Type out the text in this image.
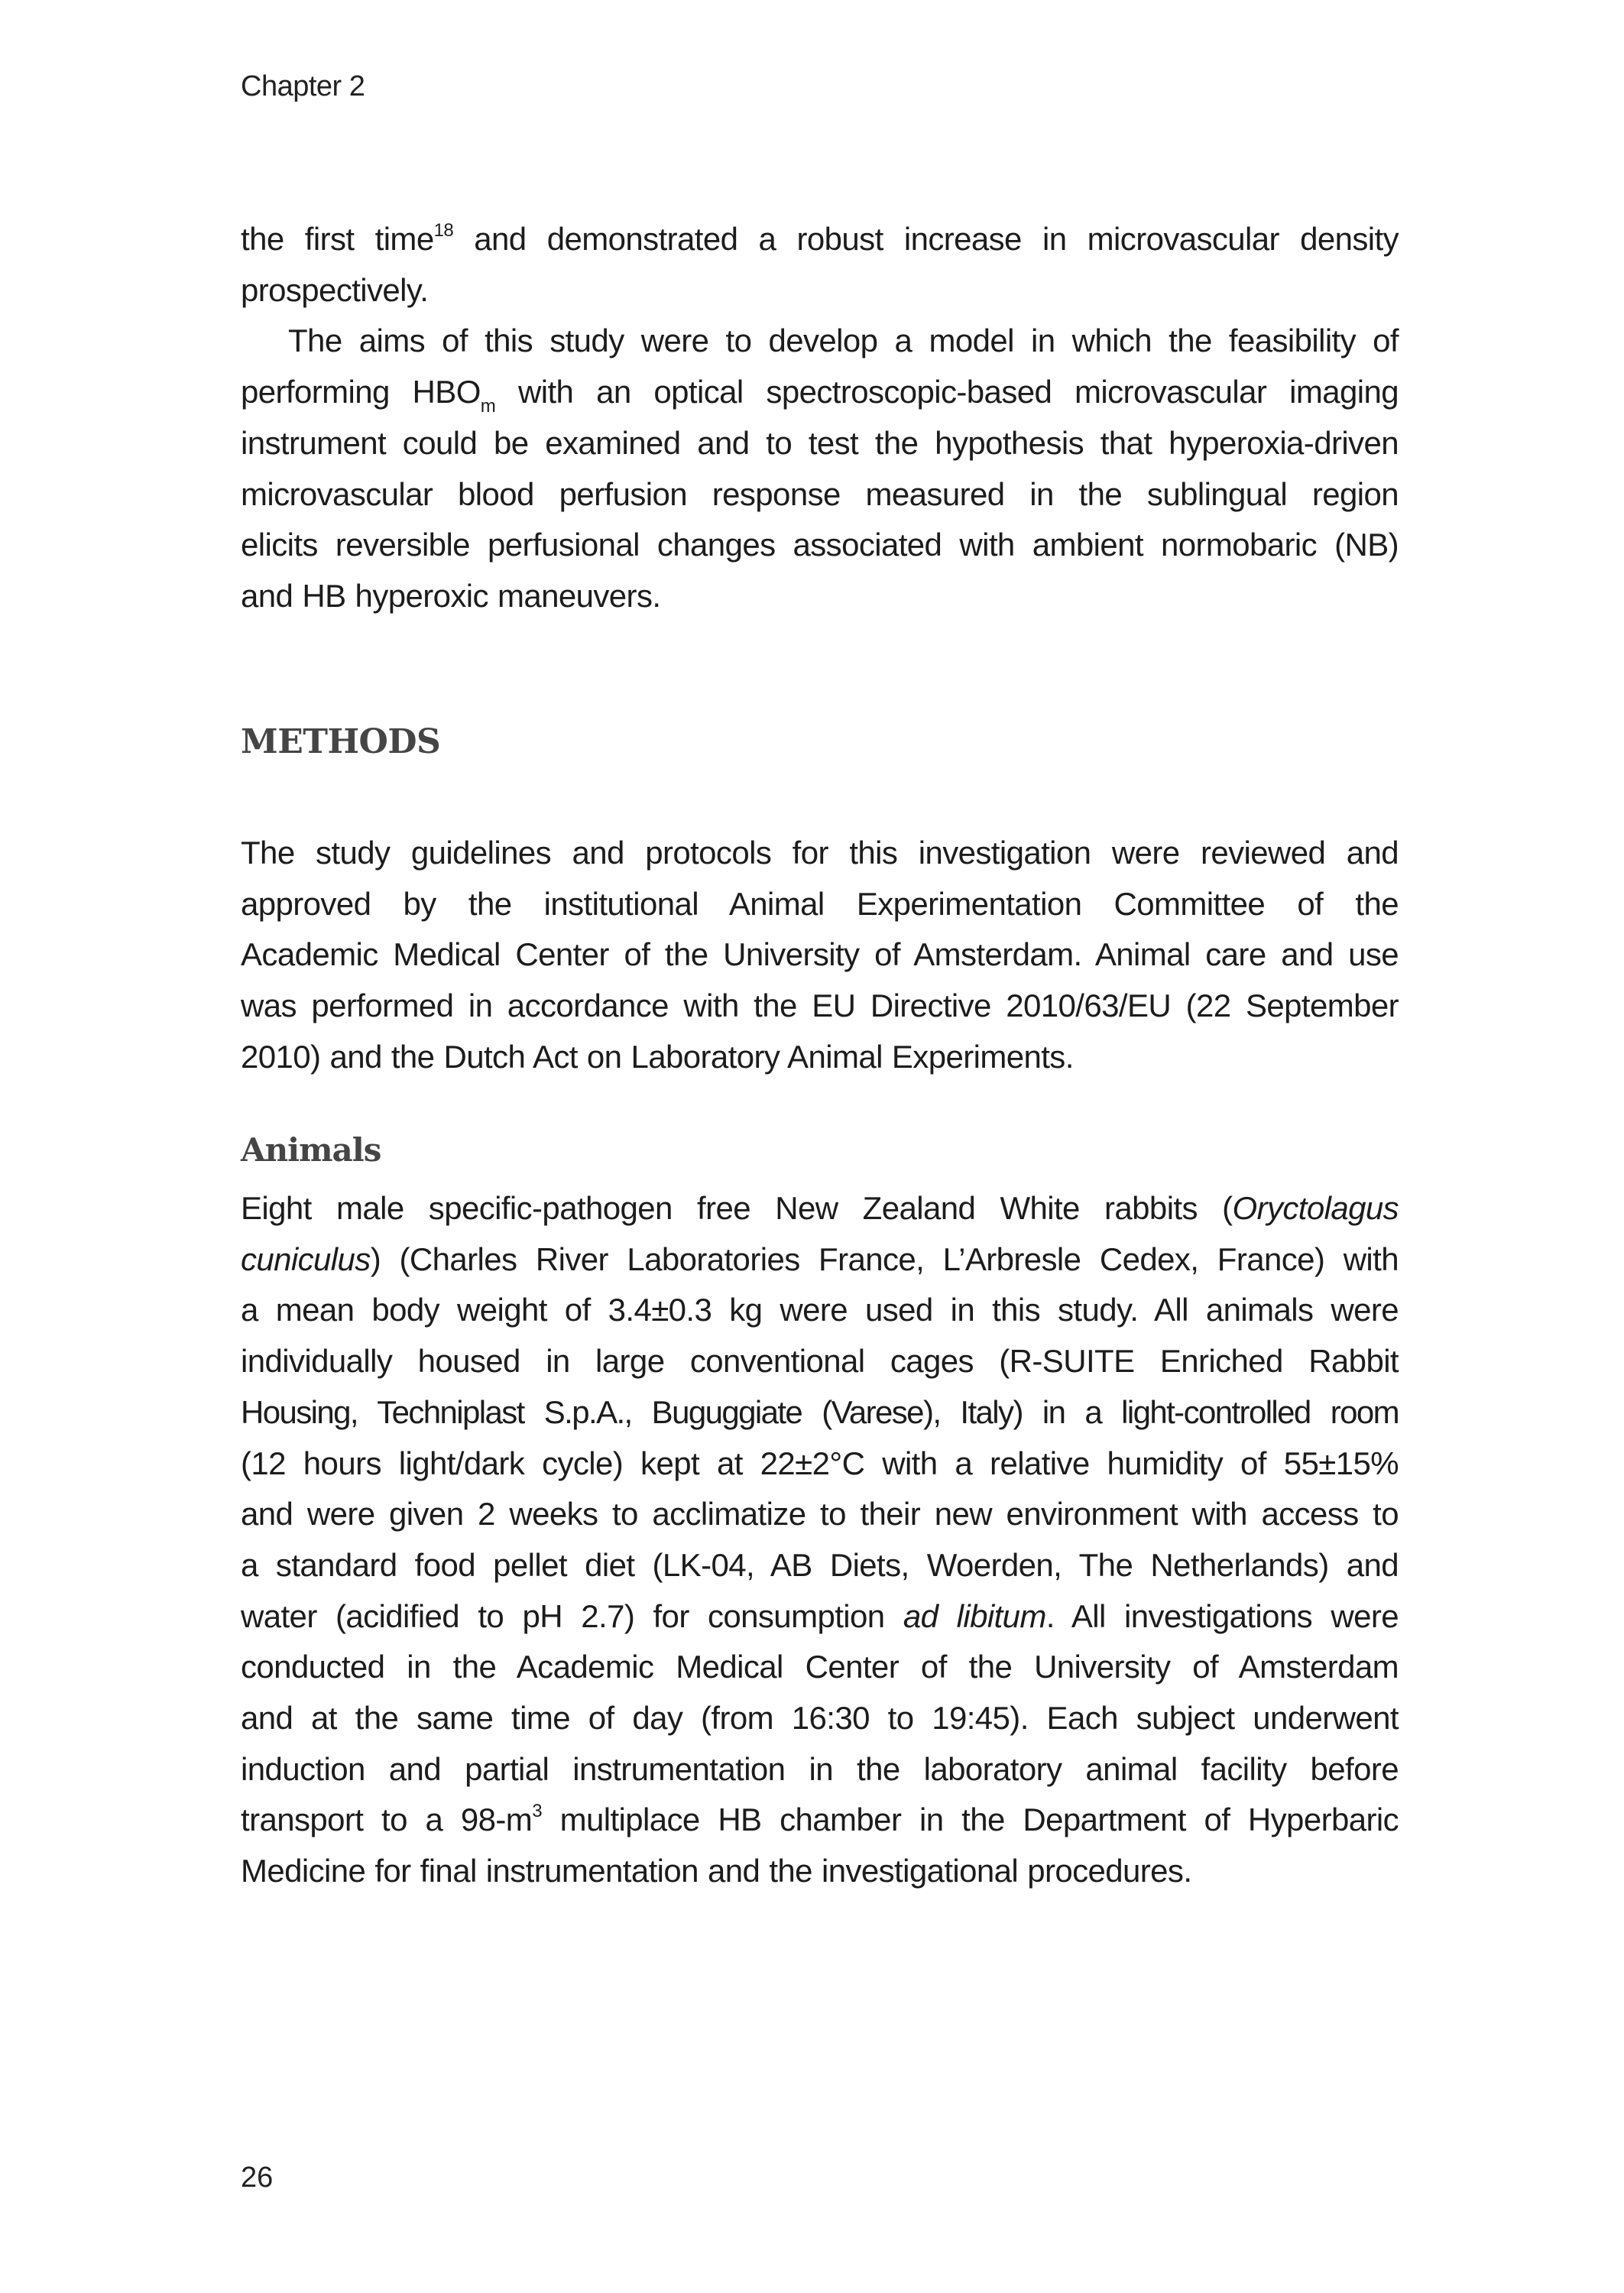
Chapter 2
the first time$^{18}$ and demonstrated a robust increase in microvascular density
prospectively.
The aims of this study were to develop a model in which the feasibility of
performing $HBO_m$ with an optical spectroscopic-based microvascular imaging
instrument could be examined and to test the hypothesis that hyperoxia-driven
microvascular blood perfusion response measured in the sublingual region
elicits reversible perfusional changes associated with ambient normobaric (NB)
and HB hyperoxic maneuvers.
METHODS
The study guidelines and protocols for this investigation were reviewed and
approved by the institutional Animal Experimentation Committee of the
Academic Medical Center of the University of Amsterdam. Animal care and use
was performed in accordance with the EU Directive 2010/63/EU (22 September
2010) and the Dutch Act on Laboratory Animal Experiments.
Animals
Eight male specific-pathogen free New Zealand White rabbits (Oryctolagus
cuniculus) (Charles River Laboratories France, L’Arbresle Cedex, France) with
a mean body weight of 3.4±0.3 kg were used in this study. All animals were
individually housed in large conventional cages (R-SUITE Enriched Rabbit
Housing, Techniplast S.p.A., Buguggiate (Varese), Italy) in a light-controlled room
(12 hours light/dark cycle) kept at 22±2°C with a relative humidity of 55±15%
and were given 2 weeks to acclimatize to their new environment with access to
a standard food pellet diet (LK-04, AB Diets, Woerden, The Netherlands) and
water (acidified to pH 2.7) for consumption ad libitum. All investigations were
conducted in the Academic Medical Center of the University of Amsterdam
and at the same time of day (from 16:30 to 19:45). Each subject underwent
induction and partial instrumentation in the laboratory animal facility before
transport to a $98-m^3$ multiplace HB chamber in the Department of Hyperbaric
Medicine for final instrumentation and the investigational procedures.
26
